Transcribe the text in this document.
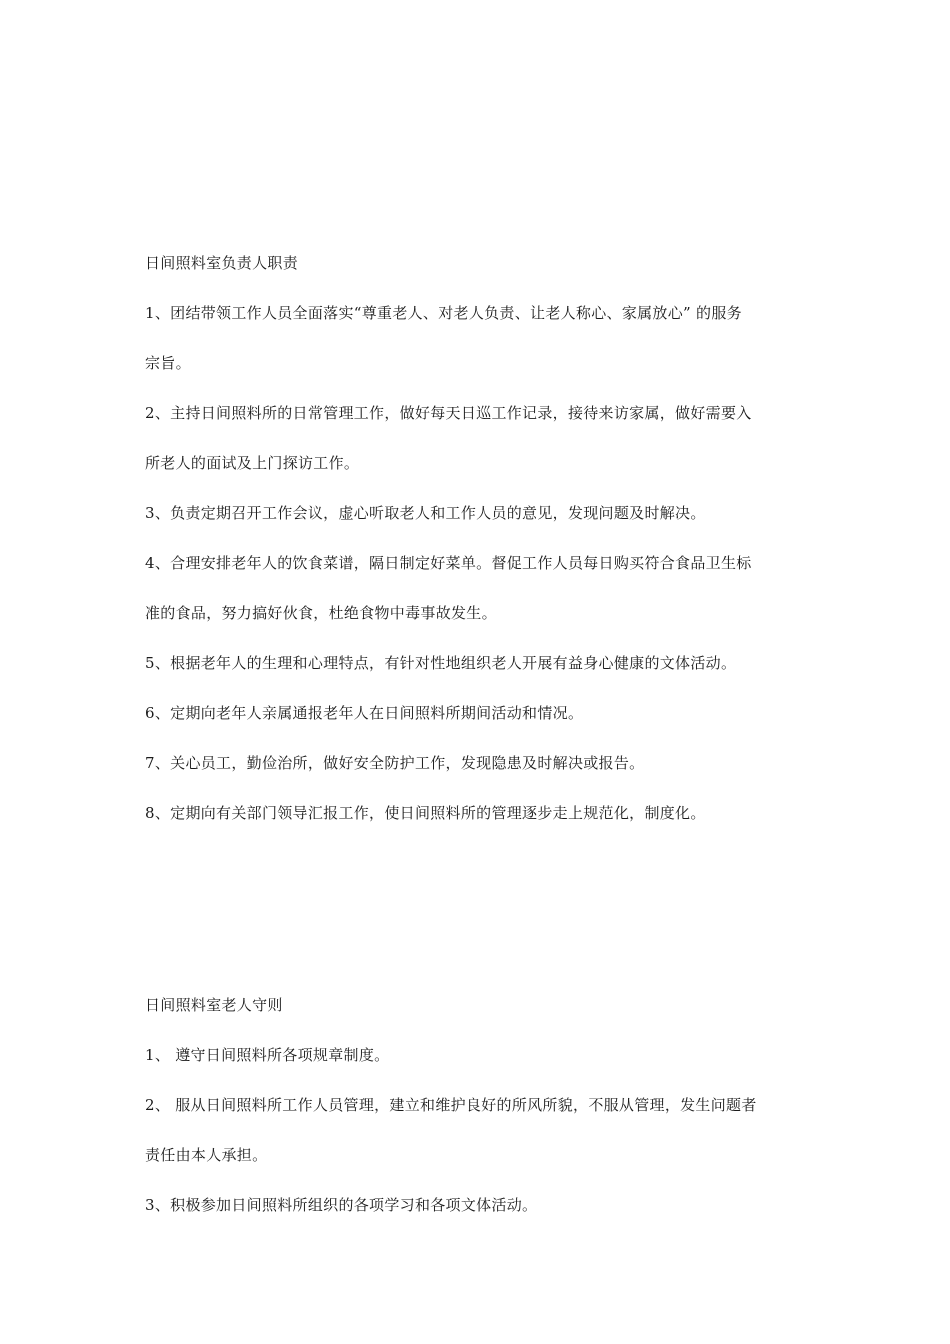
日间照料室负责人职责
1、团结带领工作人员全面落实“尊重老人、对老人负责、让老人称心、家属放心” 的服务
宗旨。
2、主持日间照料所的日常管理工作，做好每天日巡工作记录，接待来访家属，做好需要入
所老人的面试及上门探访工作。
3、负责定期召开工作会议，虚心听取老人和工作人员的意见，发现问题及时解决。
4、合理安排老年人的饮食菜谱，隔日制定好菜单。督促工作人员每日购买符合食品卫生标
准的食品，努力搞好伙食，杜绝食物中毒事故发生。
5、根据老年人的生理和心理特点，有针对性地组织老人开展有益身心健康的文体活动。
6、定期向老年人亲属通报老年人在日间照料所期间活动和情况。
7、关心员工，勤俭治所，做好安全防护工作，发现隐患及时解决或报告。
8、定期向有关部门领导汇报工作，使日间照料所的管理逐步走上规范化，制度化。
日间照料室老人守则
1、 遵守日间照料所各项规章制度。
2、 服从日间照料所工作人员管理，建立和维护良好的所风所貌，不服从管理，发生问题者
责任由本人承担。
3、积极参加日间照料所组织的各项学习和各项文体活动。
